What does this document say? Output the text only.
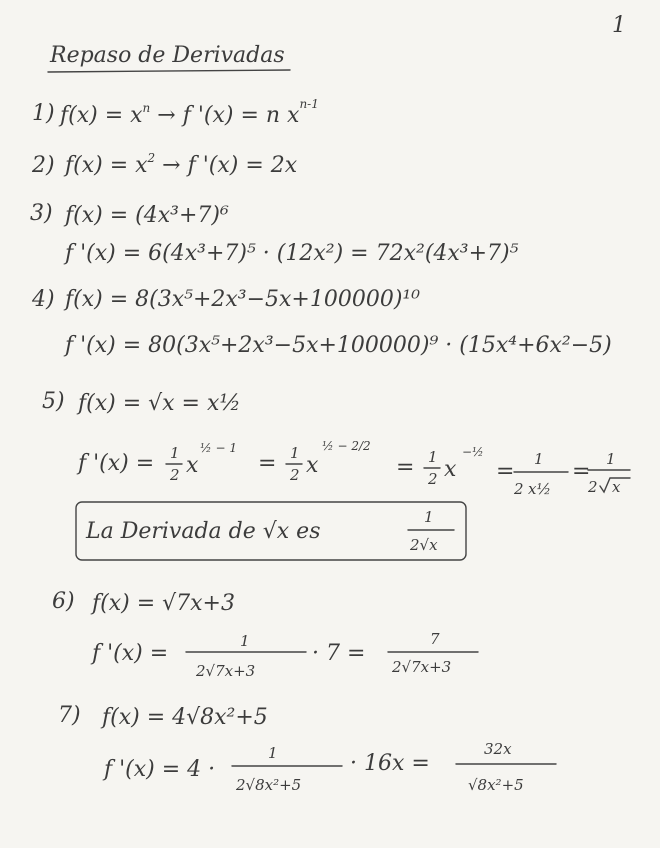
1
Repaso de Derivadas
1) $f(x) = x^n \to f$ '(x) = n $x^{n-1}$
2) $f(x) = x^2 \to f$ '(x) = 2x
3) f(x) = (4x³+7)⁶
f '(x) = 6(4x³+7)⁵ · (12x²) = 72x²(4x³+7)⁵
4) f(x) = 8(3x⁵+2x³−5x+100000)¹⁰
f '(x) = 80(3x⁵+2x³−5x+100000)⁹ · (15x⁴+6x²−5)
5) f(x) = √x = x½
f '(x) = 1
2 x
½ − 1
= 1
2 x
½ − 2/2
= 1
2 x
−½
= 1
2 x½
= 1
2 x
La Derivada de √x es
1
2√x
6) f(x) = √7x+3
f '(x) =	1
2√7x+3
· 7 =
7
2√7x+3
7) f(x) = 4√8x²+5
f '(x) = 4 ·
1
2√8x²+5
· 16x =
32x
√8x²+5
